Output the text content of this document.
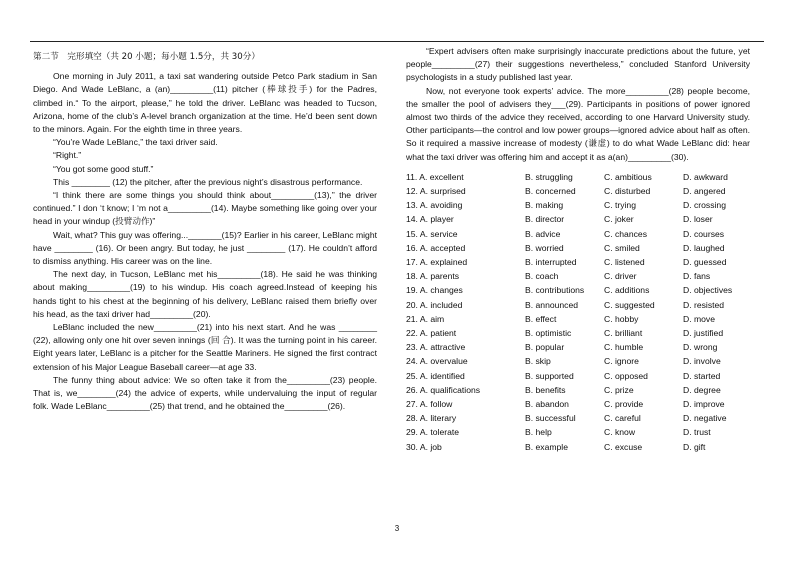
第二节　完形填空（共 20 小题；每小题 1.5分，共 30分）

One morning in July 2011, a taxi sat wandering outside Petco Park stadium in San Diego. And Wade LeBlanc, a (an)_________(11) pitcher (棒球投手) for the Padres, climbed in.“ To the airport, please,” he told the driver. LeBlanc was headed to Tucson, Arizona, home of the club’s A-level branch organization at the time. He’d been sent down to the minors. Again. For the eighth time in three years.

“You’re Wade LeBlanc,” the taxi driver said.

“Right.”

“You got some good stuff.”

This ________ (12) the pitcher, after the previous night’s disastrous performance.

“I think there are some things you should think about_________(13),” the driver continued.” I don ‘t know; I ‘m not a_________(14). Maybe something like going over your head in your windup (投臂动作)”

Wait, what? This guy was offering..._______(15)? Earlier in his career, LeBlanc might have ________ (16). Or been angry. But today, he just ________ (17). He couldn’t afford to dismiss anything. His career was on the line.

The next day, in Tucson, LeBlanc met his_________(18). He said he was thinking about making_________(19) to his windup. His coach agreed.Instead of keeping his hands tight to his chest at the beginning of his delivery, LeBlanc raised them briefly over his head, as the taxi driver had_________(20).

LeBlanc included the new_________(21) into his next start. And he was ________ (22), allowing only one hit over seven innings (回 合). It was the turning point in his career. Eight years later, LeBlanc is a pitcher for the Seattle Mariners. He signed the first contract extension of his Major League Baseball career—at age 33.

The funny thing about advice: We so often take it from the_________(23) people. That is, we________(24) the advice of experts, while undervaluing the input of regular folk. Wade LeBlanc_________(25) that trend, and he obtained the_________(26).

“Expert advisers often make surprisingly inaccurate predictions about the future, yet people_________(27) their suggestions nevertheless,” concluded Stanford University psychologists in a study published last year.

Now, not everyone took experts’ advice. The more_________(28) people become, the smaller the pool of advisers they___(29). Participants in positions of power ignored almost two thirds of the advice they received, according to one Harvard University study. Other participants—the control and low power groups—ignored advice about half as often. So it required a massive increase of modesty (谦虚) to do what Wade LeBlanc did: hear what the taxi driver was offering him and accept it as a(an)_________(30).

11. A. excellent	B. struggling	C. ambitious	D. awkward
12. A. surprised	B. concerned	C. disturbed	D. angered
13. A. avoiding	B. making	C. trying	D. crossing
14. A. player	B. director	C. joker	D. loser
15. A. service	B. advice	C. chances	D. courses
16. A. accepted	B. worried	C. smiled	D. laughed
17. A. explained	B. interrupted	C. listened	D. guessed
18. A. parents	B. coach	C. driver	D. fans
19. A. changes	B. contributions	C. additions	D. objectives
20. A. included	B. announced	C. suggested	D. resisted
21. A. aim	B. effect	C. hobby	D. move
22. A. patient	B. optimistic	C. brilliant	D. justified
23. A. attractive	B. popular	C. humble	D. wrong
24. A. overvalue	B. skip	C. ignore	D. involve
25. A. identified	B. supported	C. opposed	D. started
26. A. qualifications	B. benefits	C. prize	D. degree
27. A. follow	B. abandon	C. provide	D. improve
28. A. literary	B. successful	C. careful	D. negative
29. A. tolerate	B. help	C. know	D. trust
30. A. job	B. example	C. excuse	D. gift
3
